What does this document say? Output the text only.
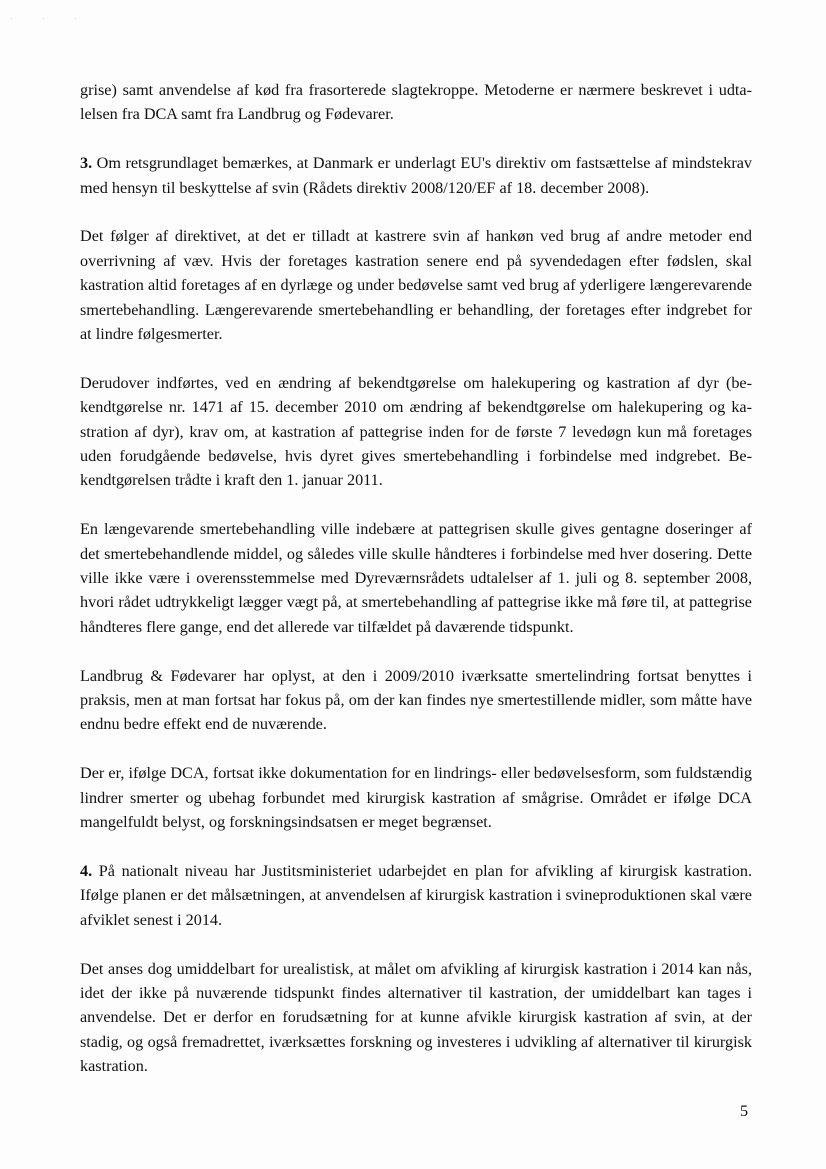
·	·	·

grise) samt anvendelse af kød fra frasorterede slagtekroppe. Metoderne er nærmere beskrevet i udtalelsen fra DCA samt fra Landbrug og Fødevarer.

3. Om retsgrundlaget bemærkes, at Danmark er underlagt EU's direktiv om fastsættelse af mindstekrav med hensyn til beskyttelse af svin (Rådets direktiv 2008/120/EF af 18. december 2008).

Det følger af direktivet, at det er tilladt at kastrere svin af hankøn ved brug af andre metoder end overrivning af væv. Hvis der foretages kastration senere end på syvendedagen efter fødslen, skal kastration altid foretages af en dyrlæge og under bedøvelse samt ved brug af yderligere længerevarende smertebehandling. Længerevarende smertebehandling er behandling, der foretages efter indgrebet for at lindre følgesmerter.

Derudover indførtes, ved en ændring af bekendtgørelse om halekupering og kastration af dyr (bekendtgørelse nr. 1471 af 15. december 2010 om ændring af bekendtgørelse om halekupering og kastration af dyr), krav om, at kastration af pattegrise inden for de første 7 levedøgn kun må foretages uden forudgående bedøvelse, hvis dyret gives smertebehandling i forbindelse med indgrebet. Bekendtgørelsen trådte i kraft den 1. januar 2011.

En længevarende smertebehandling ville indebære at pattegrisen skulle gives gentagne doseringer af det smertebehandlende middel, og således ville skulle håndteres i forbindelse med hver dosering. Dette ville ikke være i overensstemmelse med Dyreværnsrådets udtalelser af 1. juli og 8. september 2008, hvori rådet udtrykkeligt lægger vægt på, at smertebehandling af pattegrise ikke må føre til, at pattegrise håndteres flere gange, end det allerede var tilfældet på daværende tidspunkt.

Landbrug & Fødevarer har oplyst, at den i 2009/2010 iværksatte smertelindring fortsat benyttes i praksis, men at man fortsat har fokus på, om der kan findes nye smertestillende midler, som måtte have endnu bedre effekt end de nuværende.

Der er, ifølge DCA, fortsat ikke dokumentation for en lindrings- eller bedøvelsesform, som fuldstændig lindrer smerter og ubehag forbundet med kirurgisk kastration af smågrise. Området er ifølge DCA mangelfuldt belyst, og forskningsindsatsen er meget begrænset.

4. På nationalt niveau har Justitsministeriet udarbejdet en plan for afvikling af kirurgisk kastration. Ifølge planen er det målsætningen, at anvendelsen af kirurgisk kastration i svineproduktionen skal være afviklet senest i 2014.

Det anses dog umiddelbart for urealistisk, at målet om afvikling af kirurgisk kastration i 2014 kan nås, idet der ikke på nuværende tidspunkt findes alternativer til kastration, der umiddelbart kan tages i anvendelse. Det er derfor en forudsætning for at kunne afvikle kirurgisk kastration af svin, at der stadig, og også fremadrettet, iværksættes forskning og investeres i udvikling af alternativer til kirurgisk kastration.

5
